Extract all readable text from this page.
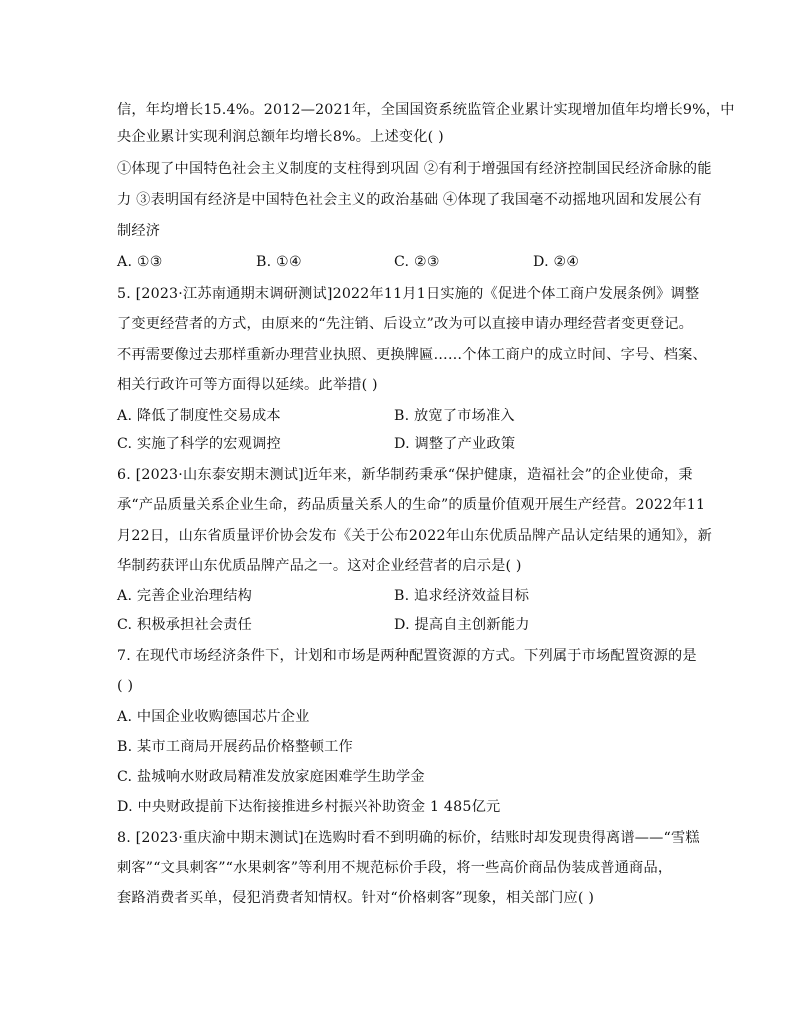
信，年均增长15.4%。2012—2021年，全国国资系统监管企业累计实现增加值年均增长9%，中
央企业累计实现利润总额年均增长8%。上述变化( )
①体现了中国特色社会主义制度的支柱得到巩固 ②有利于增强国有经济控制国民经济命脉的能
力 ③表明国有经济是中国特色社会主义的政治基础 ④体现了我国毫不动摇地巩固和发展公有
制经济
A. ①③	B. ①④	C. ②③	D. ②④
5. [2023·江苏南通期末调研测试]2022年11月1日实施的《促进个体工商户发展条例》调整
了变更经营者的方式，由原来的“先注销、后设立”改为可以直接申请办理经营者变更登记。
不再需要像过去那样重新办理营业执照、更换牌匾……个体工商户的成立时间、字号、档案、
相关行政许可等方面得以延续。此举措( )
A. 降低了制度性交易成本	B. 放宽了市场准入
C. 实施了科学的宏观调控	D. 调整了产业政策
6. [2023·山东泰安期末测试]近年来，新华制药秉承“保护健康，造福社会”的企业使命，秉
承“产品质量关系企业生命，药品质量关系人的生命”的质量价值观开展生产经营。2022年11
月22日，山东省质量评价协会发布《关于公布2022年山东优质品牌产品认定结果的通知》，新
华制药获评山东优质品牌产品之一。这对企业经营者的启示是( )
A. 完善企业治理结构	B. 追求经济效益目标
C. 积极承担社会责任	D. 提高自主创新能力
7. 在现代市场经济条件下，计划和市场是两种配置资源的方式。下列属于市场配置资源的是
( )
A. 中国企业收购德国芯片企业
B. 某市工商局开展药品价格整顿工作
C. 盐城响水财政局精准发放家庭困难学生助学金
D. 中央财政提前下达衔接推进乡村振兴补助资金 1 485亿元
8. [2023·重庆渝中期末测试]在选购时看不到明确的标价，结账时却发现贵得离谱——“雪糕
刺客”“文具刺客”“水果刺客”等利用不规范标价手段，将一些高价商品伪装成普通商品，
套路消费者买单，侵犯消费者知情权。针对“价格刺客”现象，相关部门应( )
